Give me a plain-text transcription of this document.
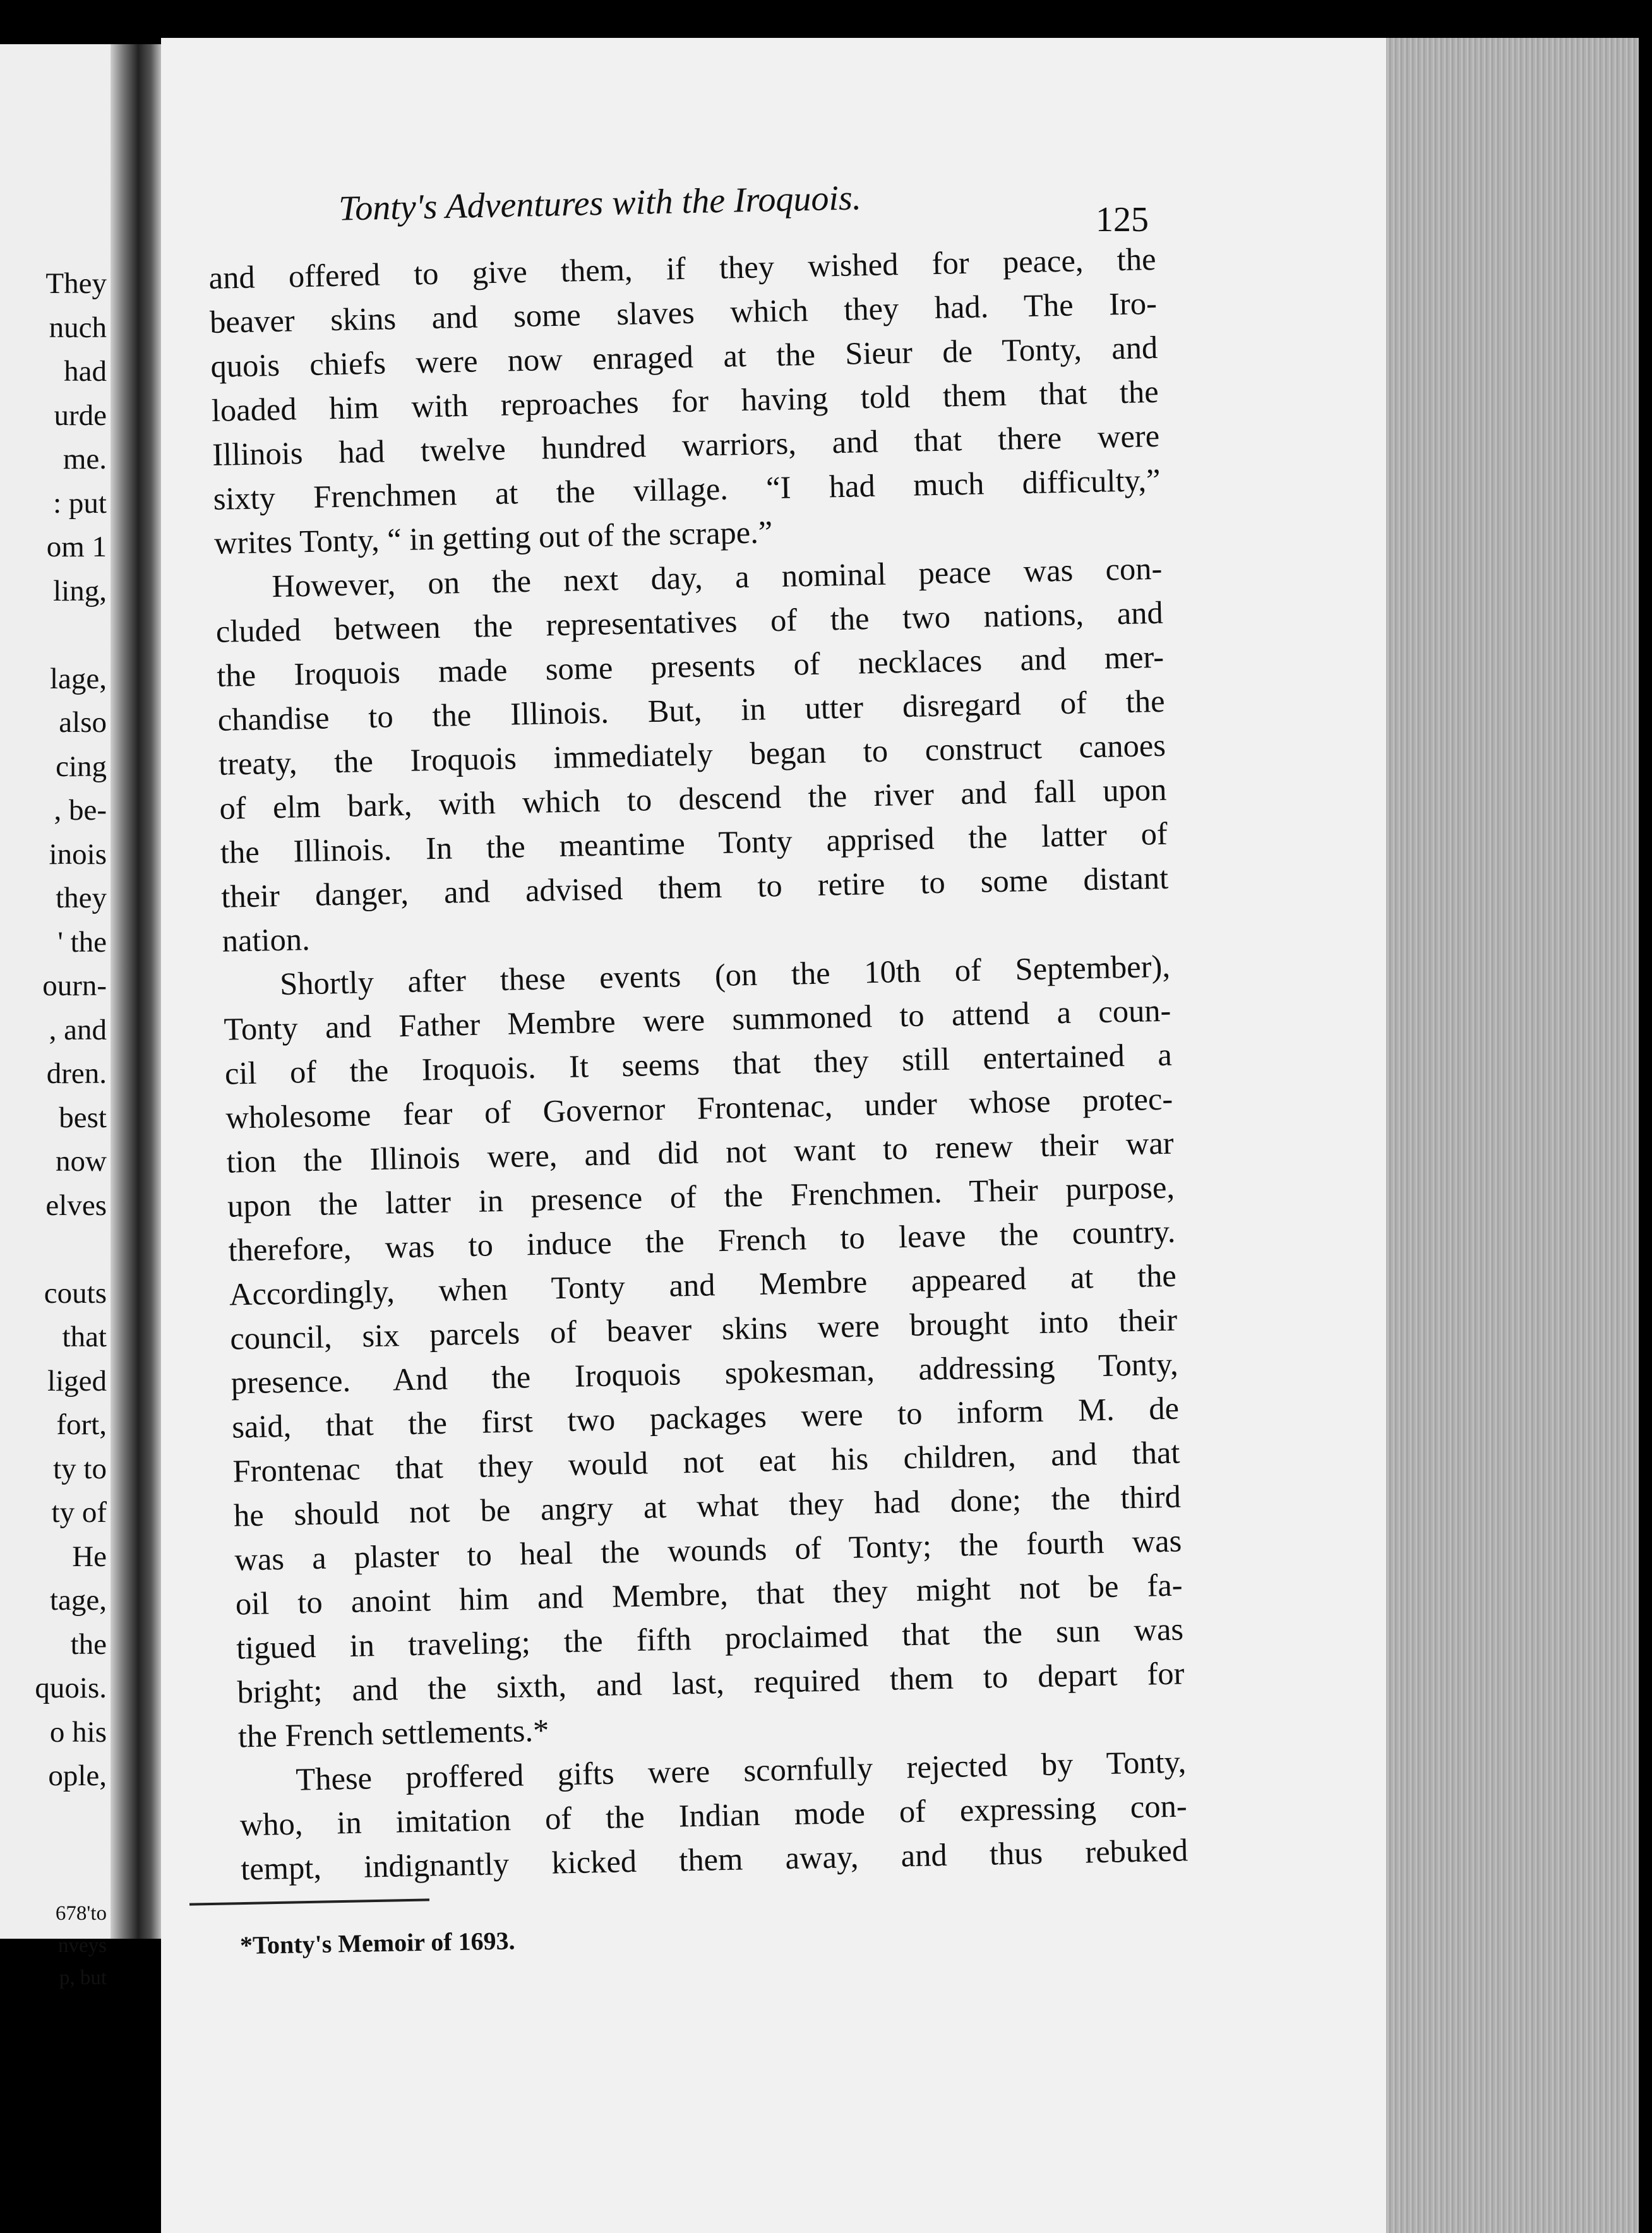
They
nuch
had
urde
me.
: put
om 1
ling,

lage,
also
cing
, be-
inois
they
' the
ourn-
, and
dren.
best
now
elves

couts
that
liged
fort,
ty to
ty of
He
tage,
the
quois.
o his
ople,
678'to
nveys
p, but
Tonty's Adventures with the Iroquois.	125
and offered to give them, if they wished for peace, the
beaver skins and some slaves which they had. The Iro-
quois chiefs were now enraged at the Sieur de Tonty, and
loaded him with reproaches for having told them that the
Illinois had twelve hundred warriors, and that there were
sixty Frenchmen at the village. “I had much difficulty,”
writes Tonty, “ in getting out of the scrape.”
However, on the next day, a nominal peace was con-
cluded between the representatives of the two nations, and
the Iroquois made some presents of necklaces and mer-
chandise to the Illinois. But, in utter disregard of the
treaty, the Iroquois immediately began to construct canoes
of elm bark, with which to descend the river and fall upon
the Illinois. In the meantime Tonty apprised the latter of
their danger, and advised them to retire to some distant
nation.
Shortly after these events (on the 10th of September),
Tonty and Father Membre were summoned to attend a coun-
cil of the Iroquois. It seems that they still entertained a
wholesome fear of Governor Frontenac, under whose protec-
tion the Illinois were, and did not want to renew their war
upon the latter in presence of the Frenchmen. Their purpose,
therefore, was to induce the French to leave the country.
Accordingly, when Tonty and Membre appeared at the
council, six parcels of beaver skins were brought into their
presence. And the Iroquois spokesman, addressing Tonty,
said, that the first two packages were to inform M. de
Frontenac that they would not eat his children, and that
he should not be angry at what they had done; the third
was a plaster to heal the wounds of Tonty; the fourth was
oil to anoint him and Membre, that they might not be fa-
tigued in traveling; the fifth proclaimed that the sun was
bright; and the sixth, and last, required them to depart for
the French settlements.*
These proffered gifts were scornfully rejected by Tonty,
who, in imitation of the Indian mode of expressing con-
tempt, indignantly kicked them away, and thus rebuked
*Tonty's Memoir of 1693.
